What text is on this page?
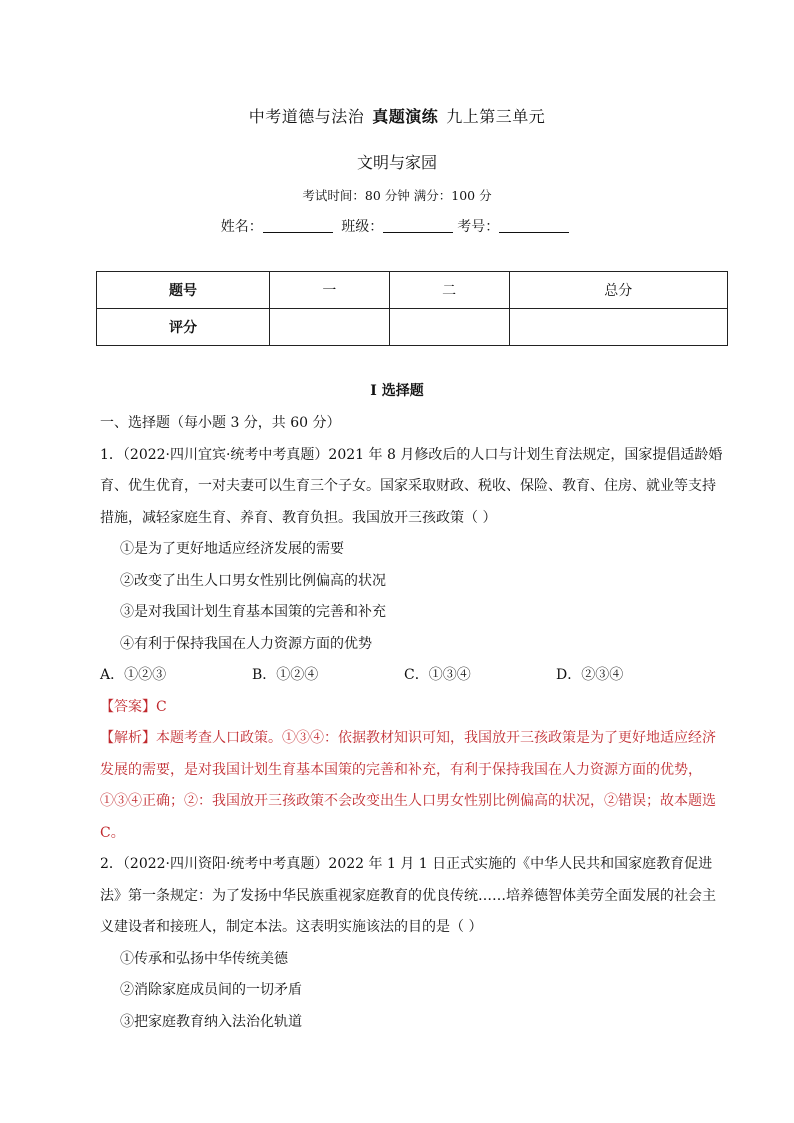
中考道德与法治 真题演练 九上第三单元
文明与家园
考试时间：80 分钟 满分：100 分
姓名：	班级：	考号：
题号	一	二	总分
评分			
I 选择题

一、选择题（每小题 3 分，共 60 分）

1．（2022·四川宜宾·统考中考真题）2021 年 8 月修改后的人口与计划生育法规定，国家提倡适龄婚育、优生优育，一对夫妻可以生育三个子女。国家采取财政、税收、保险、教育、住房、就业等支持措施，减轻家庭生育、养育、教育负担。我国放开三孩政策（ ）

①是为了更好地适应经济发展的需要

②改变了出生人口男女性别比例偏高的状况

③是对我国计划生育基本国策的完善和补充

④有利于保持我国在人力资源方面的优势

A．①②③	B．①②④	C．①③④	D．②③④

【答案】C

【解析】本题考查人口政策。①③④：依据教材知识可知，我国放开三孩政策是为了更好地适应经济发展的需要，是对我国计划生育基本国策的完善和补充，有利于保持我国在人力资源方面的优势，①③④正确；②：我国放开三孩政策不会改变出生人口男女性别比例偏高的状况，②错误；故本题选 C。

2．（2022·四川资阳·统考中考真题）2022 年 1 月 1 日正式实施的《中华人民共和国家庭教育促进法》第一条规定：为了发扬中华民族重视家庭教育的优良传统……培养德智体美劳全面发展的社会主义建设者和接班人，制定本法。这表明实施该法的目的是（ ）

①传承和弘扬中华传统美德

②消除家庭成员间的一切矛盾

③把家庭教育纳入法治化轨道
